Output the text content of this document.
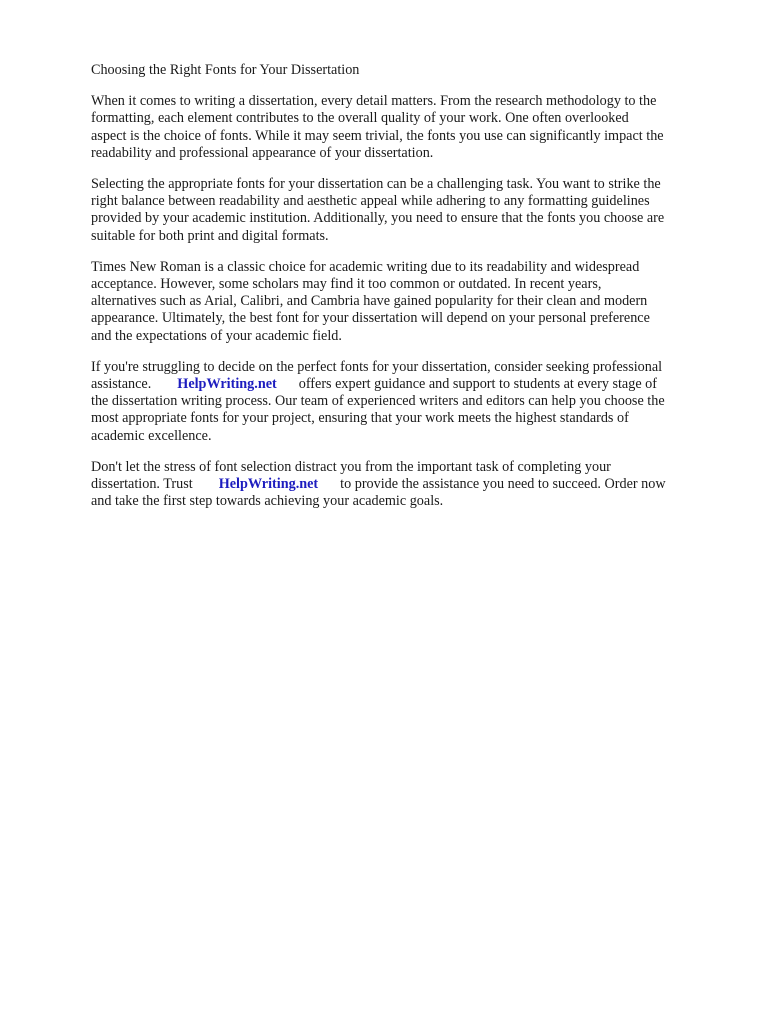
Choosing the Right Fonts for Your Dissertation

When it comes to writing a dissertation, every detail matters. From the research methodology to the
formatting, each element contributes to the overall quality of your work. One often overlooked
aspect is the choice of fonts. While it may seem trivial, the fonts you use can significantly impact the
readability and professional appearance of your dissertation.

Selecting the appropriate fonts for your dissertation can be a challenging task. You want to strike the
right balance between readability and aesthetic appeal while adhering to any formatting guidelines
provided by your academic institution. Additionally, you need to ensure that the fonts you choose are
suitable for both print and digital formats.

Times New Roman is a classic choice for academic writing due to its readability and widespread
acceptance. However, some scholars may find it too common or outdated. In recent years,
alternatives such as Arial, Calibri, and Cambria have gained popularity for their clean and modern
appearance. Ultimately, the best font for your dissertation will depend on your personal preference
and the expectations of your academic field.

If you're struggling to decide on the perfect fonts for your dissertation, consider seeking professional
assistance. HelpWriting.net offers expert guidance and support to students at every stage of
the dissertation writing process. Our team of experienced writers and editors can help you choose the
most appropriate fonts for your project, ensuring that your work meets the highest standards of
academic excellence.

Don't let the stress of font selection distract you from the important task of completing your
dissertation. Trust HelpWriting.net to provide the assistance you need to succeed. Order now
and take the first step towards achieving your academic goals.
